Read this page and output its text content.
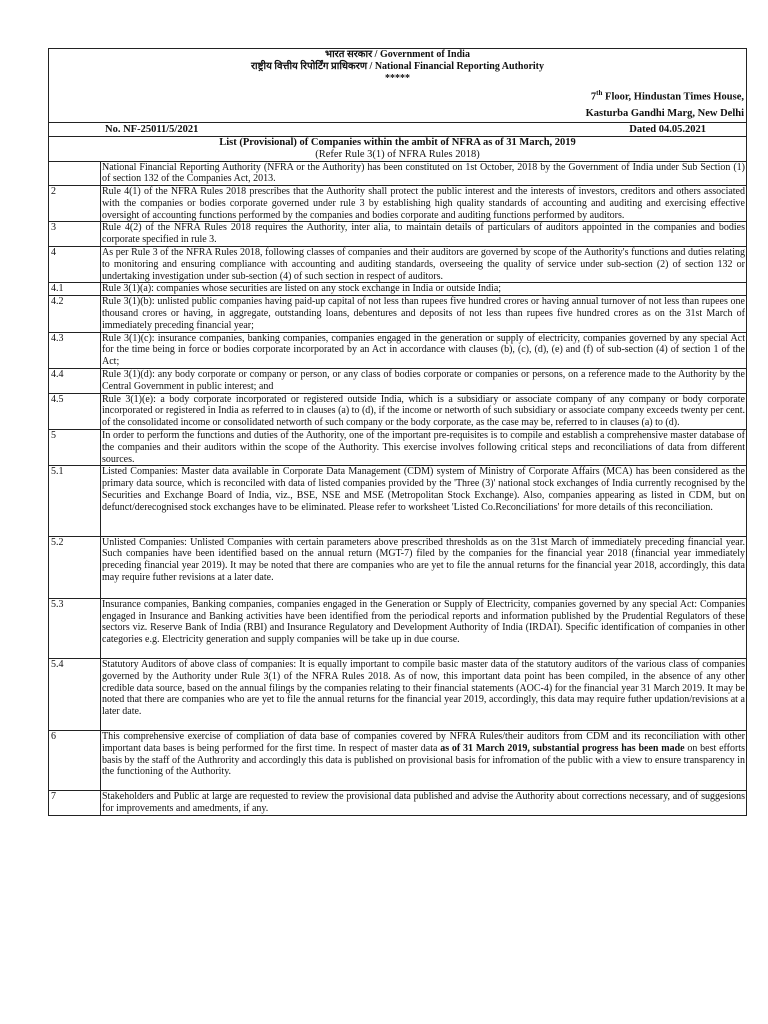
भारत सरकार / Government of India
राष्ट्रीय वित्तीय रिपोर्टिंग प्राधिकरण / National Financial Reporting Authority
*****
7th Floor, Hindustan Times House,
Kasturba Gandhi Marg, New Delhi
No. NF-25011/5/2021	Dated 04.05.2021
List (Provisional) of Companies within the ambit of NFRA as of 31 March, 2019
(Refer Rule 3(1) of NFRA Rules 2018)
	National Financial Reporting Authority (NFRA or the Authority) has been constituted on 1st October, 2018 by the Government of India under Sub Section (1) of section 132 of the Companies Act, 2013.
2	Rule 4(1) of the NFRA Rules 2018 prescribes that the Authority shall protect the public interest and the interests of investors, creditors and others associated with the companies or bodies corporate governed under rule 3 by establishing high quality standards of accounting and auditing and exercising effective oversight of accounting functions performed by the companies and bodies corporate and auditing functions performed by auditors.
3	Rule 4(2) of the NFRA Rules 2018 requires the Authority, inter alia, to maintain details of particulars of auditors appointed in the companies and bodies corporate specified in rule 3.
4	As per Rule 3 of the NFRA Rules 2018, following classes of companies and their auditors are governed by scope of the Authority's functions and duties relating to monitoring and ensuring compliance with accounting and auditing standards, overseeing the quality of service under sub-section (2) of section 132 or undertaking investigation under sub-section (4) of such section in respect of auditors.
4.1	Rule 3(1)(a): companies whose securities are listed on any stock exchange in India or outside India;
4.2	Rule 3(1)(b): unlisted public companies having paid-up capital of not less than rupees five hundred crores or having annual turnover of not less than rupees one thousand crores or having, in aggregate, outstanding loans, debentures and deposits of not less than rupees five hundred crores as on the 31st March of immediately preceding financial year;
4.3	Rule 3(1)(c): insurance companies, banking companies, companies engaged in the generation or supply of electricity, companies governed by any special Act for the time being in force or bodies corporate incorporated by an Act in accordance with clauses (b), (c), (d), (e) and (f) of sub-section (4) of section 1 of the Act;
4.4	Rule 3(1)(d): any body corporate or company or person, or any class of bodies corporate or companies or persons, on a reference made to the Authority by the Central Government in public interest; and
4.5	Rule 3(1)(e): a body corporate incorporated or registered outside India, which is a subsidiary or associate company of any company or body corporate incorporated or registered in India as referred to in clauses (a) to (d), if the income or networth of such subsidiary or associate company exceeds twenty per cent. of the consolidated income or consolidated networth of such company or the body corporate, as the case may be, referred to in clauses (a) to (d).
5	In order to perform the functions and duties of the Authority, one of the important pre-requisites is to compile and establish a comprehensive master database of the companies and their auditors within the scope of the Authority. This exercise involves following critical steps and reconciliations of data from different sources.
5.1	Listed Companies: Master data available in Corporate Data Management (CDM) system of Ministry of Corporate Affairs (MCA) has been considered as the primary data source, which is reconciled with data of listed companies provided by the 'Three (3)' national stock exchanges of India currently recognised by the Securities and Exchange Board of India, viz., BSE, NSE and MSE (Metropolitan Stock Exchange). Also, companies appearing as listed in CDM, but on defunct/derecognised stock exchanges have to be eliminated. Please refer to worksheet 'Listed Co.Reconciliations' for more details of this reconciliation.
5.2	Unlisted Companies: Unlisted Companies with certain parameters above prescribed thresholds as on the 31st March of immediately preceding financial year. Such companies have been identified based on the annual return (MGT-7) filed by the companies for the financial year 2018 (financial year immediately preceding financial year 2019). It may be noted that there are companies who are yet to file the annual returns for the financial year 2018, accordingly, this data may require futher revisions at a later date.
5.3	Insurance companies, Banking companies, companies engaged in the Generation or Supply of Electricity, companies governed by any special Act: Companies engaged in Insurance and Banking activities have been identified from the periodical reports and information published by the Prudential Regulators of these sectors viz. Reserve Bank of India (RBI) and Insurance Regulatory and Development Authority of India (IRDAI). Specific identification of companies in other categories e.g. Electricity generation and supply companies will be take up in due course.
5.4	Statutory Auditors of above class of companies: It is equally important to compile basic master data of the statutory auditors of the various class of companies governed by the Authority under Rule 3(1) of the NFRA Rules 2018. As of now, this important data point has been compiled, in the absence of any other credible data source, based on the annual filings by the companies relating to their financial statements (AOC-4) for the financial year 31 March 2019. It may be noted that there are companies who are yet to file the annual returns for the financial year 2019, accordingly, this data may require futher updation/revisions at a later date.
6	This comprehensive exercise of compliation of data base of companies covered by NFRA Rules/their auditors from CDM and its reconciliation with other important data bases is being performed for the first time. In respect of master data as of 31 March 2019, substantial progress has been made on best efforts basis by the staff of the Authrority and accordingly this data is published on provisional basis for infromation of the public with a view to ensure transparency in the functioning of the Authority.
7	Stakeholders and Public at large are requested to review the provisional data published and advise the Authority about corrections necessary, and of suggesions for improvements and amedments, if any.
